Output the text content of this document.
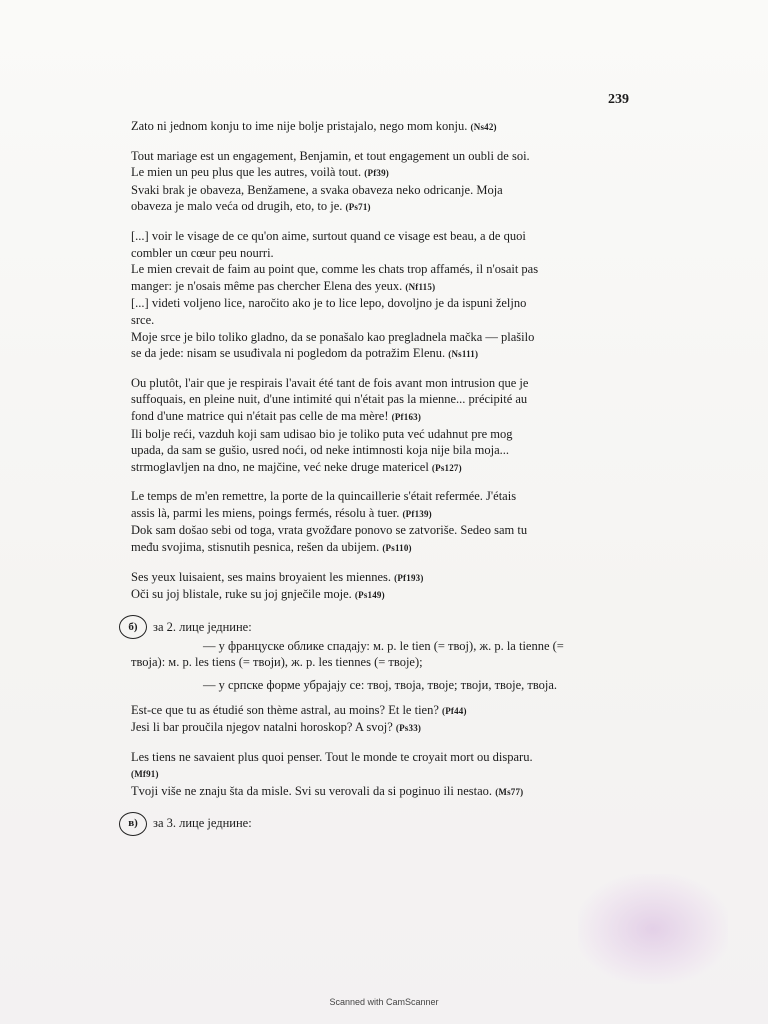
239
Zato ni jednom konju to ime nije bolje pristajalo, nego mom konju. (Ns42)
Tout mariage est un engagement, Benjamin, et tout engagement un oubli de soi.
Le mien un peu plus que les autres, voilà tout. (Pf39)
Svaki brak je obaveza, Benžamene, a svaka obaveza neko odricanje. Moja
obaveza je malo veća od drugih, eto, to je. (Ps71)
[...] voir le visage de ce qu'on aime, surtout quand ce visage est beau, a de quoi
combler un cœur peu nourri.
Le mien crevait de faim au point que, comme les chats trop affamés, il n'osait pas
manger: je n'osais même pas chercher Elena des yeux. (Nf115)
[...] videti voljeno lice, naročito ako je to lice lepo, dovoljno je da ispuni željno
srce.
Moje srce je bilo toliko gladno, da se ponašalo kao pregladnela mačka — plašilo
se da jede: nisam se usuđivala ni pogledom da potražim Elenu. (Ns111)
Ou plutôt, l'air que je respirais l'avait été tant de fois avant mon intrusion que je
suffoquais, en pleine nuit, d'une intimité qui n'était pas la mienne... précipité au
fond d'une matrice qui n'était pas celle de ma mère! (Pf163)
Ili bolje reći, vazduh koji sam udisao bio je toliko puta već udahnut pre mog
upada, da sam se gušio, usred noći, od neke intimnosti koja nije bila moja...
strmoglavljen na dno, ne majčine, već neke druge matericel (Ps127)
Le temps de m'en remettre, la porte de la quincaillerie s'était refermée. J'étais
assis là, parmi les miens, poings fermés, résolu à tuer. (Pf139)
Dok sam došao sebi od toga, vrata gvožđare ponovo se zatvoriše. Sedeo sam tu
među svojima, stisnutih pesnica, rešen da ubijem. (Ps110)
Ses yeux luisaient, ses mains broyaient les miennes. (Pf193)
Oči su joj blistale, ruke su joj gnječile moje. (Ps149)
б)	за 2. лице једнине:
— у француске облике спадају: м. р. le tien (= твој), ж. р. la tienne (=
твоја): м. р. les tiens (= твоји), ж. р. les tiennes (= твоје);
— у српске форме убрајају се: твој, твоја, твоје; твоји, твоје, твоја.
Est-ce que tu as étudié son thème astral, au moins? Et le tien? (Pf44)
Jesi li bar proučila njegov natalni horoskop? A svoj? (Ps33)
Les tiens ne savaient plus quoi penser. Tout le monde te croyait mort ou disparu.
(Mf91)
Tvoji više ne znaju šta da misle. Svi su verovali da si poginuo ili nestao. (Ms77)
в)	за 3. лице једнине:
Scanned with CamScanner
